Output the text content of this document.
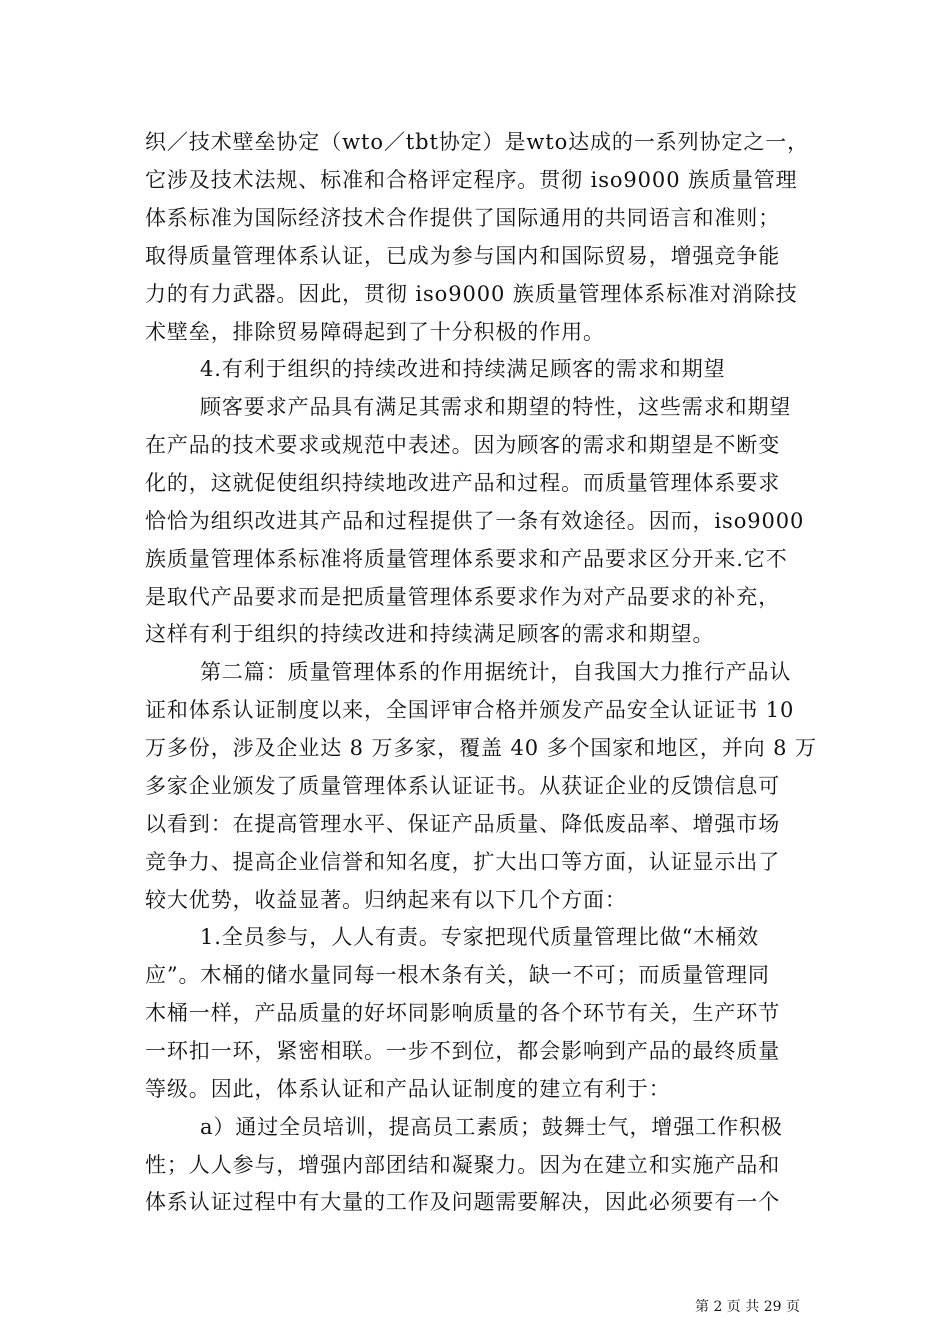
织／技术壁垒协定（wto／tbt协定）是wto达成的一系列协定之一，
它涉及技术法规、标准和合格评定程序。贯彻 iso9000 族质量管理
体系标准为国际经济技术合作提供了国际通用的共同语言和准则；
取得质量管理体系认证，已成为参与国内和国际贸易，增强竞争能
力的有力武器。因此，贯彻 iso9000 族质量管理体系标准对消除技
术壁垒，排除贸易障碍起到了十分积极的作用。
4.有利于组织的持续改进和持续满足顾客的需求和期望
顾客要求产品具有满足其需求和期望的特性，这些需求和期望
在产品的技术要求或规范中表述。因为顾客的需求和期望是不断变
化的，这就促使组织持续地改进产品和过程。而质量管理体系要求
恰恰为组织改进其产品和过程提供了一条有效途径。因而，iso9000
族质量管理体系标准将质量管理体系要求和产品要求区分开来.它不
是取代产品要求而是把质量管理体系要求作为对产品要求的补充，
这样有利于组织的持续改进和持续满足顾客的需求和期望。
第二篇：质量管理体系的作用据统计，自我国大力推行产品认
证和体系认证制度以来，全国评审合格并颁发产品安全认证证书 10
万多份，涉及企业达 8 万多家，覆盖 40 多个国家和地区，并向 8 万
多家企业颁发了质量管理体系认证证书。从获证企业的反馈信息可
以看到：在提高管理水平、保证产品质量、降低废品率、增强市场
竞争力、提高企业信誉和知名度，扩大出口等方面，认证显示出了
较大优势，收益显著。归纳起来有以下几个方面：
1.全员参与，人人有责。专家把现代质量管理比做“木桶效
应”。木桶的储水量同每一根木条有关，缺一不可；而质量管理同
木桶一样，产品质量的好坏同影响质量的各个环节有关，生产环节
一环扣一环，紧密相联。一步不到位，都会影响到产品的最终质量
等级。因此，体系认证和产品认证制度的建立有利于：
a）通过全员培训，提高员工素质；鼓舞士气，增强工作积极
性；人人参与，增强内部团结和凝聚力。因为在建立和实施产品和
体系认证过程中有大量的工作及问题需要解决，因此必须要有一个
第 2 页 共 29 页
